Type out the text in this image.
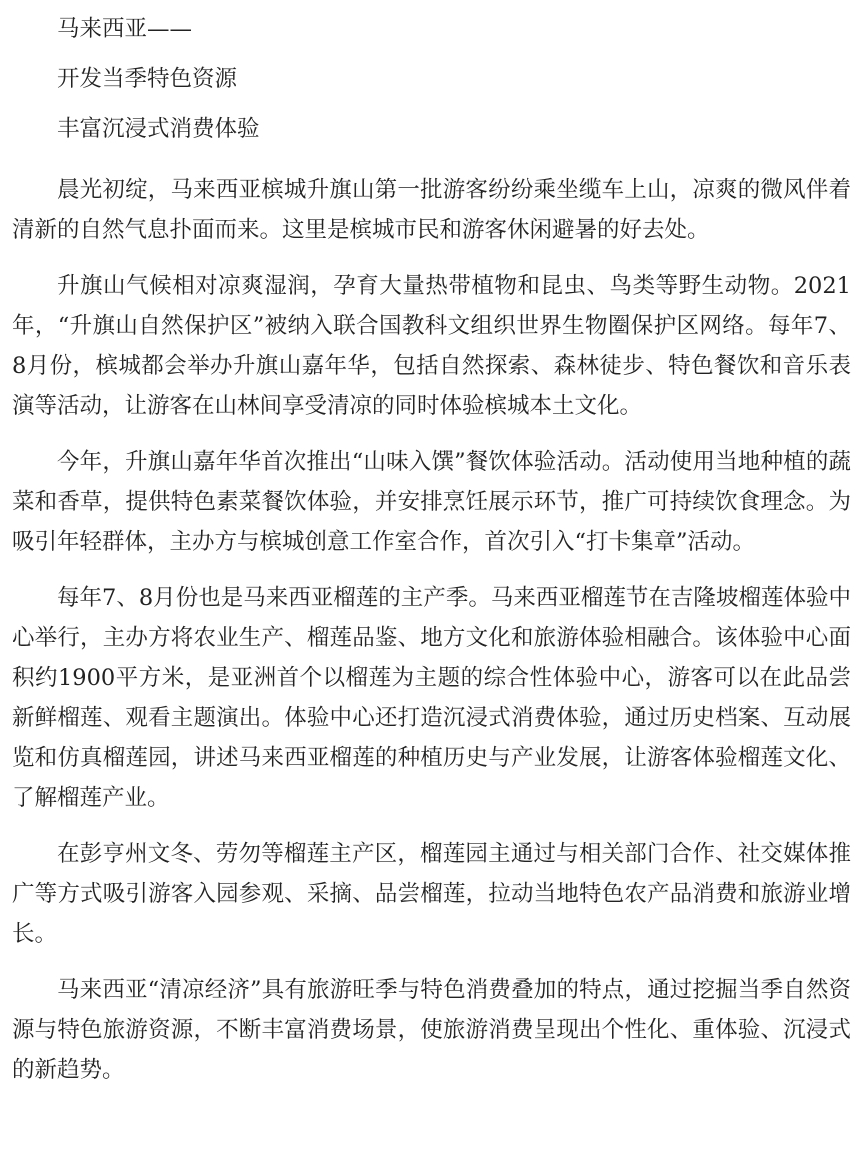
马来西亚——

开发当季特色资源

丰富沉浸式消费体验

晨光初绽，马来西亚槟城升旗山第一批游客纷纷乘坐缆车上山，凉爽的微风伴着清新的自然气息扑面而来。这里是槟城市民和游客休闲避暑的好去处。

升旗山气候相对凉爽湿润，孕育大量热带植物和昆虫、鸟类等野生动物。2021年，“升旗山自然保护区”被纳入联合国教科文组织世界生物圈保护区网络。每年7、8月份，槟城都会举办升旗山嘉年华，包括自然探索、森林徒步、特色餐饮和音乐表演等活动，让游客在山林间享受清凉的同时体验槟城本土文化。

今年，升旗山嘉年华首次推出“山味入馔”餐饮体验活动。活动使用当地种植的蔬菜和香草，提供特色素菜餐饮体验，并安排烹饪展示环节，推广可持续饮食理念。为吸引年轻群体，主办方与槟城创意工作室合作，首次引入“打卡集章”活动。

每年7、8月份也是马来西亚榴莲的主产季。马来西亚榴莲节在吉隆坡榴莲体验中心举行，主办方将农业生产、榴莲品鉴、地方文化和旅游体验相融合。该体验中心面积约1900平方米，是亚洲首个以榴莲为主题的综合性体验中心，游客可以在此品尝新鲜榴莲、观看主题演出。体验中心还打造沉浸式消费体验，通过历史档案、互动展览和仿真榴莲园，讲述马来西亚榴莲的种植历史与产业发展，让游客体验榴莲文化、了解榴莲产业。

在彭亨州文冬、劳勿等榴莲主产区，榴莲园主通过与相关部门合作、社交媒体推广等方式吸引游客入园参观、采摘、品尝榴莲，拉动当地特色农产品消费和旅游业增长。

马来西亚“清凉经济”具有旅游旺季与特色消费叠加的特点，通过挖掘当季自然资源与特色旅游资源，不断丰富消费场景，使旅游消费呈现出个性化、重体验、沉浸式的新趋势。
